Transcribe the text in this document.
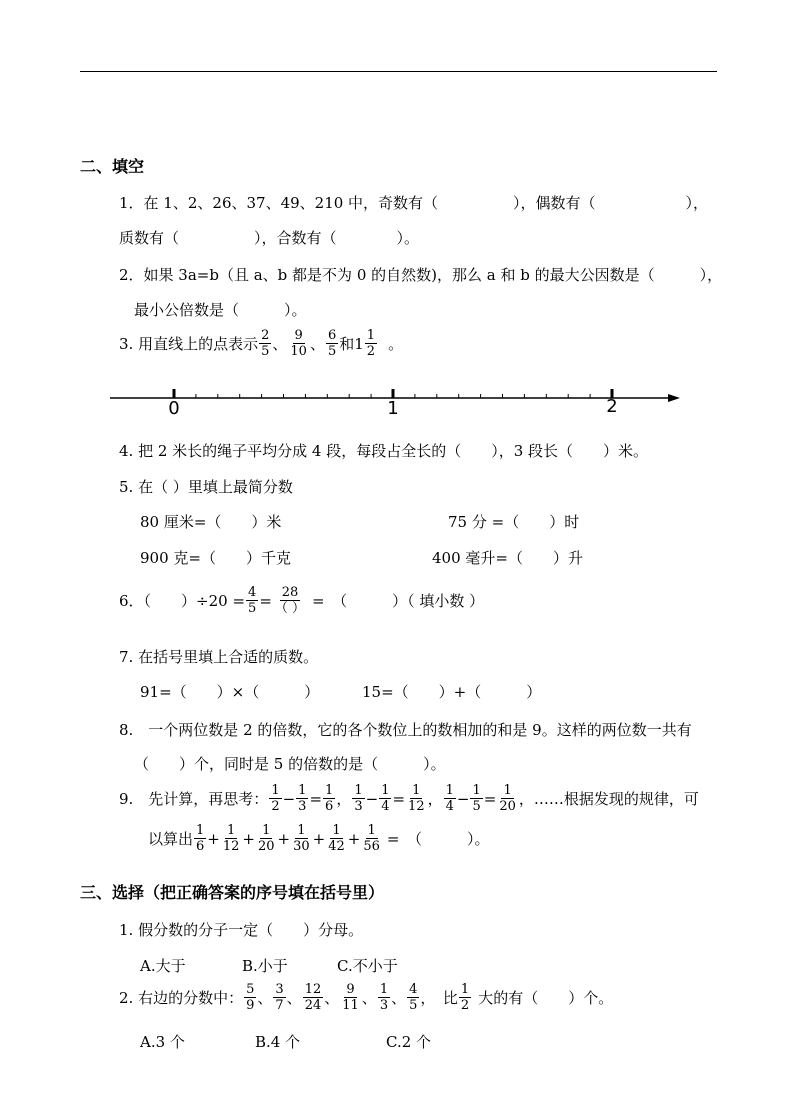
二、填空
1．在 1、2、26、37、49、210 中，奇数有（　　　　　），偶数有（　　　　　　），
质数有（　　　　　），合数有（　　　　）。
2．如果 3a=b（且 a、b 都是不为 0 的自然数)，那么 a 和 b 的最大公因数是（　　　），
最小公倍数是（　　　）。
3. 用直线上的点表示 $\frac{2}{5}$ 、 $\frac{9}{10}$ 、 $\frac{6}{5}$ 和 $1 \frac{1}{2}$ 。
0	1	2
4. 把 2 米长的绳子平均分成 4 段，每段占全长的（　　），3 段长（　　）米。
5. 在（ ）里填上最简分数
80 厘米=（　　）米	75 分 =（　　）时
900 克=（　　）千克	400 毫升=（　　）升
6．（　　）$\div 20 = \frac{4}{5} = \frac{28}{( )}$ =　（　　　）（ 填小数 ）
7. 在括号里填上合适的质数。
91=（　　）×（　　　）	15=（　　）+（　　　）
8.　一个两位数是 2 的倍数，它的各个数位上的数相加的和是 9。这样的两位数一共有
（　　）个，同时是 5 的倍数的是（　　　）。
9.　先计算，再思考： $\frac{1}{2} - \frac{1}{3} = \frac{1}{6}$ ， $\frac{1}{3} - \frac{1}{4} = \frac{1}{12}$ ， $\frac{1}{4} - \frac{1}{5} = \frac{1}{20}$ ， ……根据发现的规律，可
以算出 $\frac{1}{6} + \frac{1}{12} + \frac{1}{20} + \frac{1}{30} + \frac{1}{42} + \frac{1}{56}$ =　（　　　）。
三、选择（把正确答案的序号填在括号里）
1. 假分数的分子一定（　　）分母。
A.大于	B.小于	C.不小于
2. 右边的分数中： $\frac{5}{9}$ 、 $\frac{3}{7}$ 、 $\frac{12}{24}$ 、 $\frac{9}{11}$ 、 $\frac{1}{3}$ 、 $\frac{4}{5}$ ，　比 $\frac{1}{2}$ 大的有（　　）个。
A.3 个	B.4 个	C.2 个
